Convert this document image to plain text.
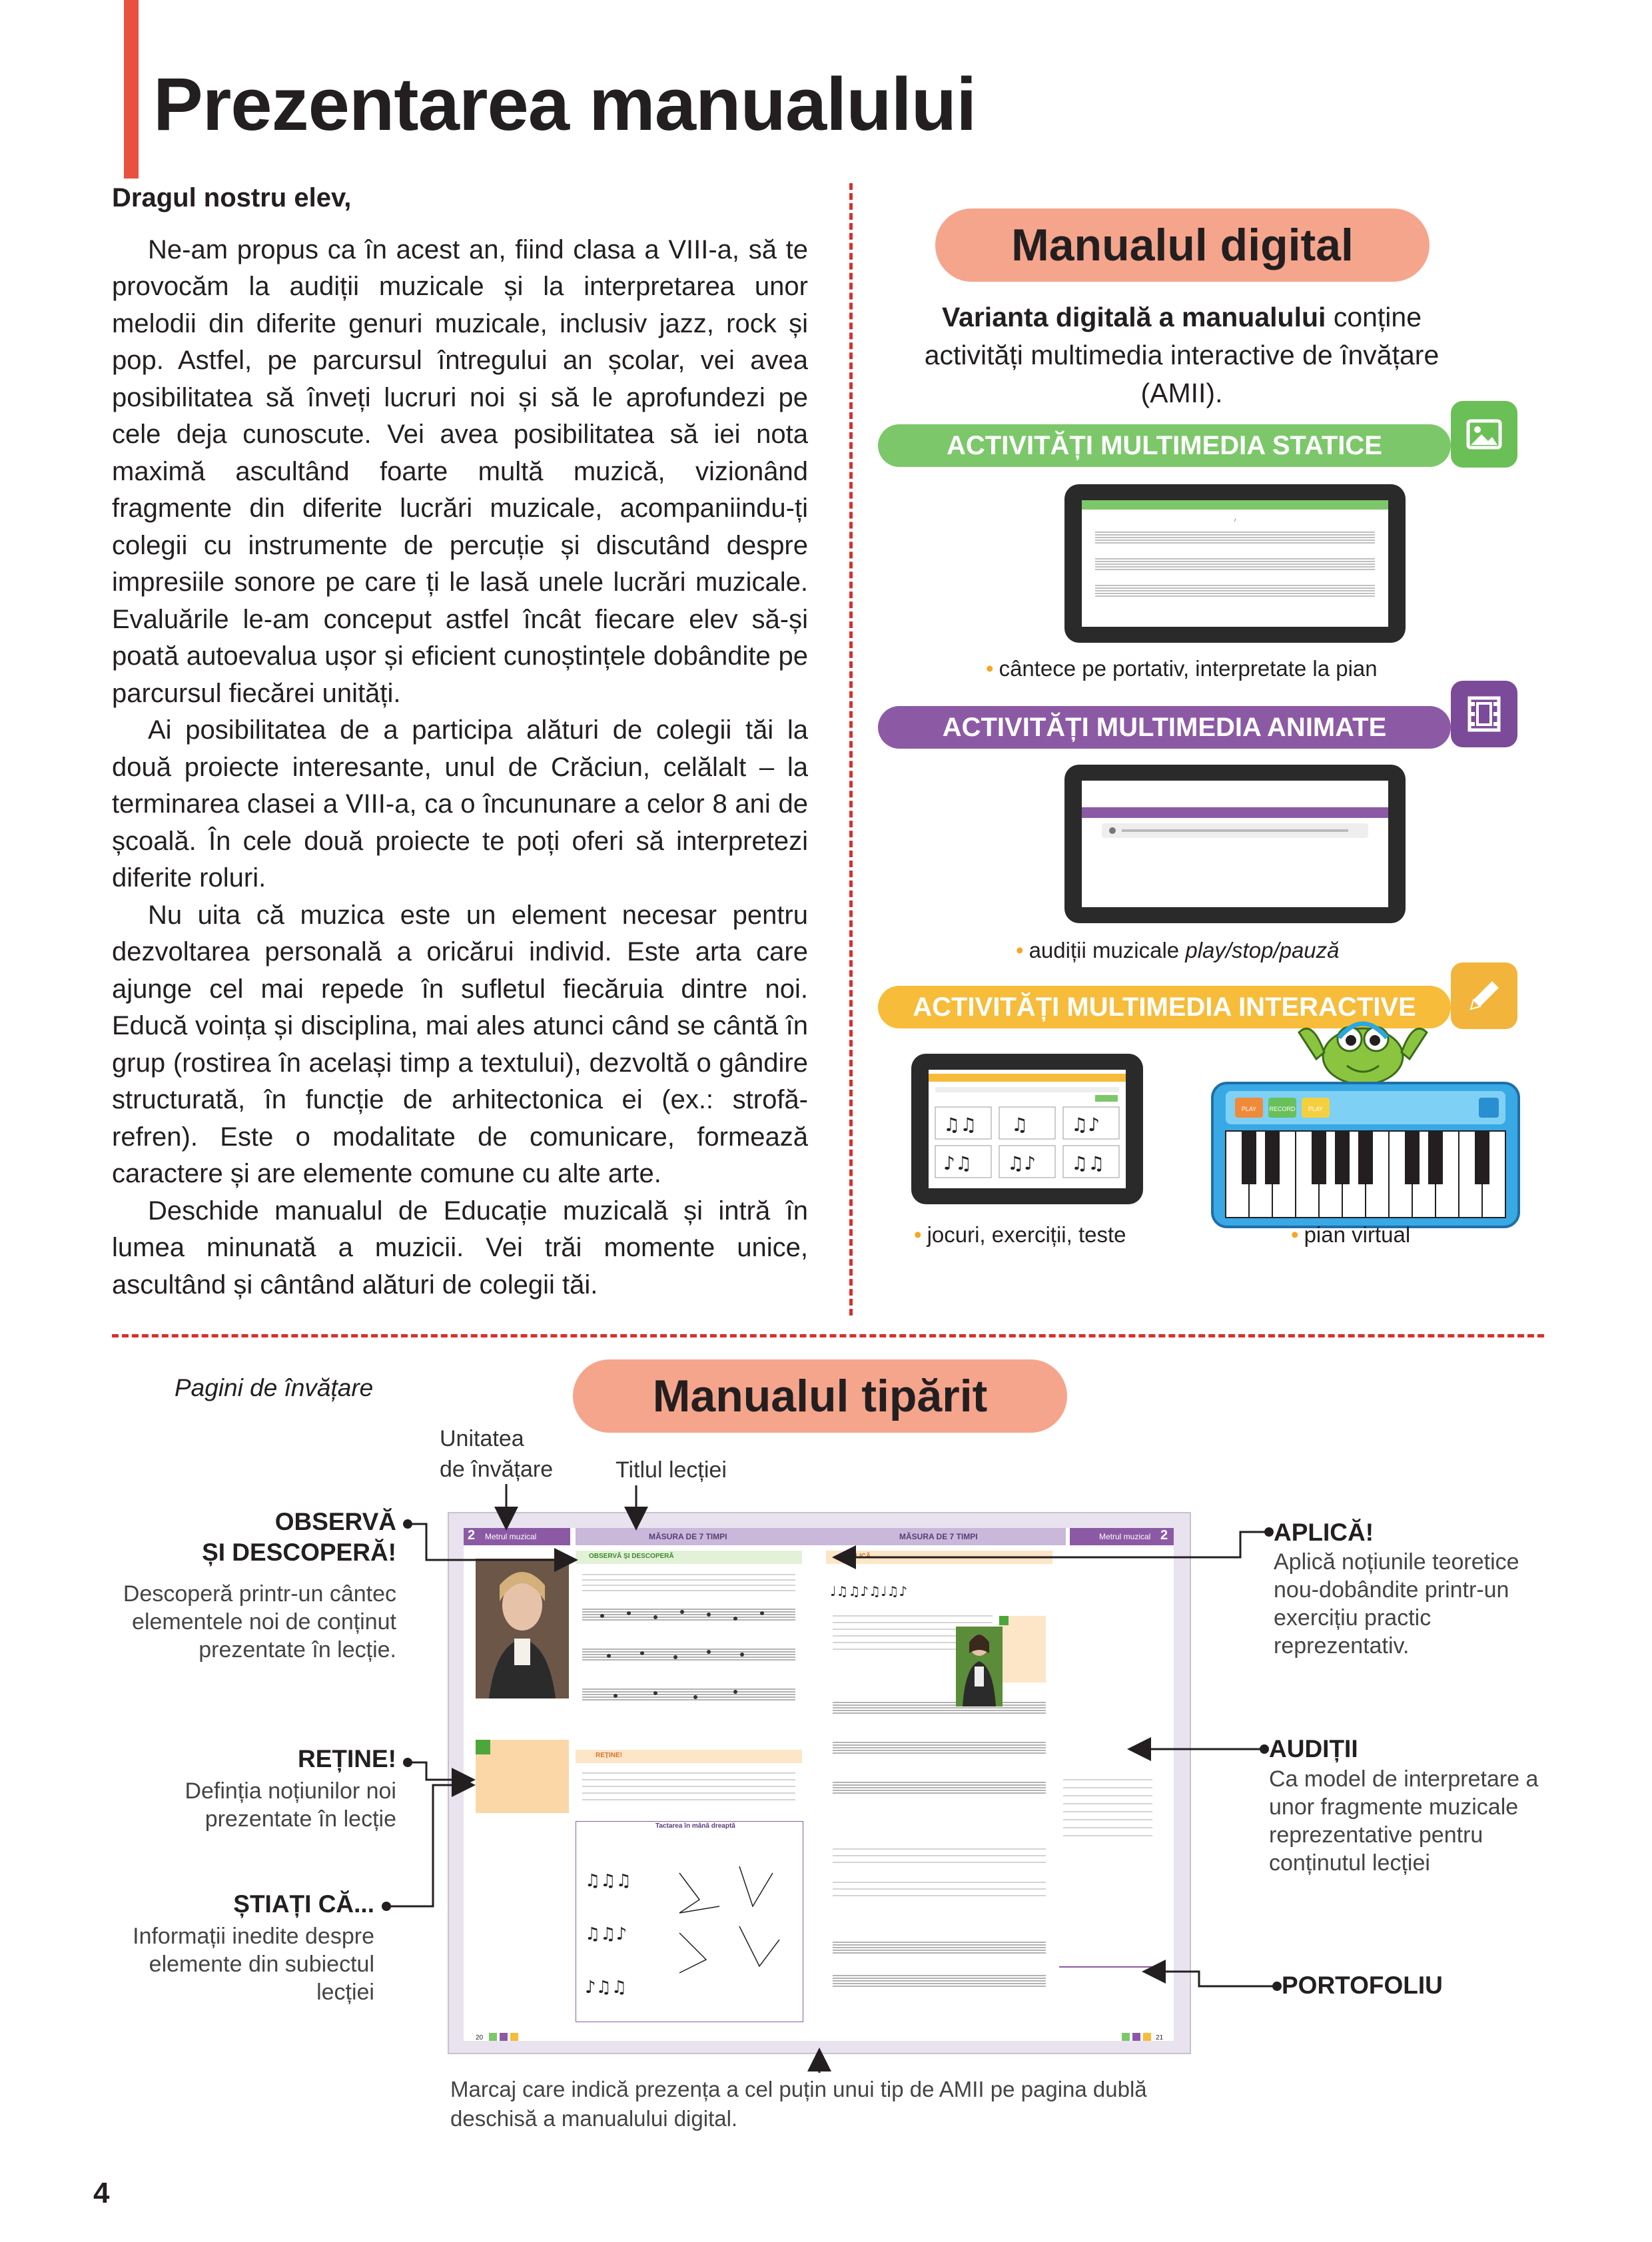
Prezentarea manualului
Dragul nostru elev,

Ne-am propus ca în acest an, fiind clasa a VIII-a, să te provocăm la audiții muzicale și la interpretarea unor melodii din diferite genuri muzicale, inclusiv jazz, rock și pop. Astfel, pe parcursul întregului an școlar, vei avea posibilitatea să înveți lucruri noi și să le aprofundezi pe cele deja cunoscute. Vei avea posibilitatea să iei nota maximă ascultând foarte multă muzică, vizionând fragmente din diferite lucrări muzicale, acompaniindu-ți colegii cu instrumente de percuție și discutând despre impresiile sonore pe care ți le lasă unele lucrări muzicale. Evaluările le-am conceput astfel încât fiecare elev să-și poată autoevalua ușor și eficient cunoștințele dobândite pe parcursul fiecărei unități.

Ai posibilitatea de a participa alături de colegii tăi la două proiecte interesante, unul de Crăciun, celălalt – la terminarea clasei a VIII-a, ca o încununare a celor 8 ani de școală. În cele două proiecte te poți oferi să interpretezi diferite roluri.

Nu uita că muzica este un element necesar pentru dezvoltarea personală a oricărui individ. Este arta care ajunge cel mai repede în sufletul fiecăruia dintre noi. Educă voința și disciplina, mai ales atunci când se cântă în grup (rostirea în același timp a textului), dezvoltă o gândire structurată, în funcție de arhitectonica ei (ex.: strofă-refren). Este o modalitate de comunicare, formează caractere și are elemente comune cu alte arte.

Deschide manualul de Educație muzicală și intră în lumea minunată a muzicii. Vei trăi momente unice, ascultând și cântând alături de colegii tăi.

Manualul digital
Varianta digitală a manualului conține activități multimedia interactive de învățare (AMII).
ACTIVITĂȚI MULTIMEDIA STATICE
♪
• cântece pe portativ, interpretate la pian
ACTIVITĂȚI MULTIMEDIA ANIMATE
• audiții muzicale play/stop/pauză
ACTIVITĂȚI MULTIMEDIA INTERACTIVE
♫♫ ♫ ♫♪
♪♫ ♫♪ ♫♫
PLAY RECORD PLAY
• jocuri, exerciții, teste	• pian virtual
Pagini de învățare	Manualul tipărit
Unitatea
de învățare	Titlul lecției
OBSERVĂ
ȘI DESCOPERĂ!
Descoperă printr-un cântec elementele noi de conținut prezentate în lecție.
REȚINE!
Definția noțiunilor noi prezentate în lecție
ȘTIAȚI CĂ...
Informații inedite despre elemente din subiectul lecției
APLICĂ!
Aplică noțiunile teoretice nou-dobândite printr-un exercițiu practic reprezentativ.
AUDIȚII
Ca model de interpretare a unor fragmente muzicale reprezentative pentru conținutul lecției
PORTOFOLIU
2 Metrul muzical	MĂSURA DE 7 TIMPI
OBSERVĂ ȘI DESCOPERĂ
REȚINE!
Tactarea în mână dreaptă
♫♫♫
♫♫♪
♪♫♫
20
MĂSURA DE 7 TIMPI	Metrul muzical 2
APLICĂ
♩♫♫♪♫♩♫♪
21
Marcaj care indică prezența a cel puțin unui tip de AMII pe pagina dublă deschisă a manualului digital.
4
